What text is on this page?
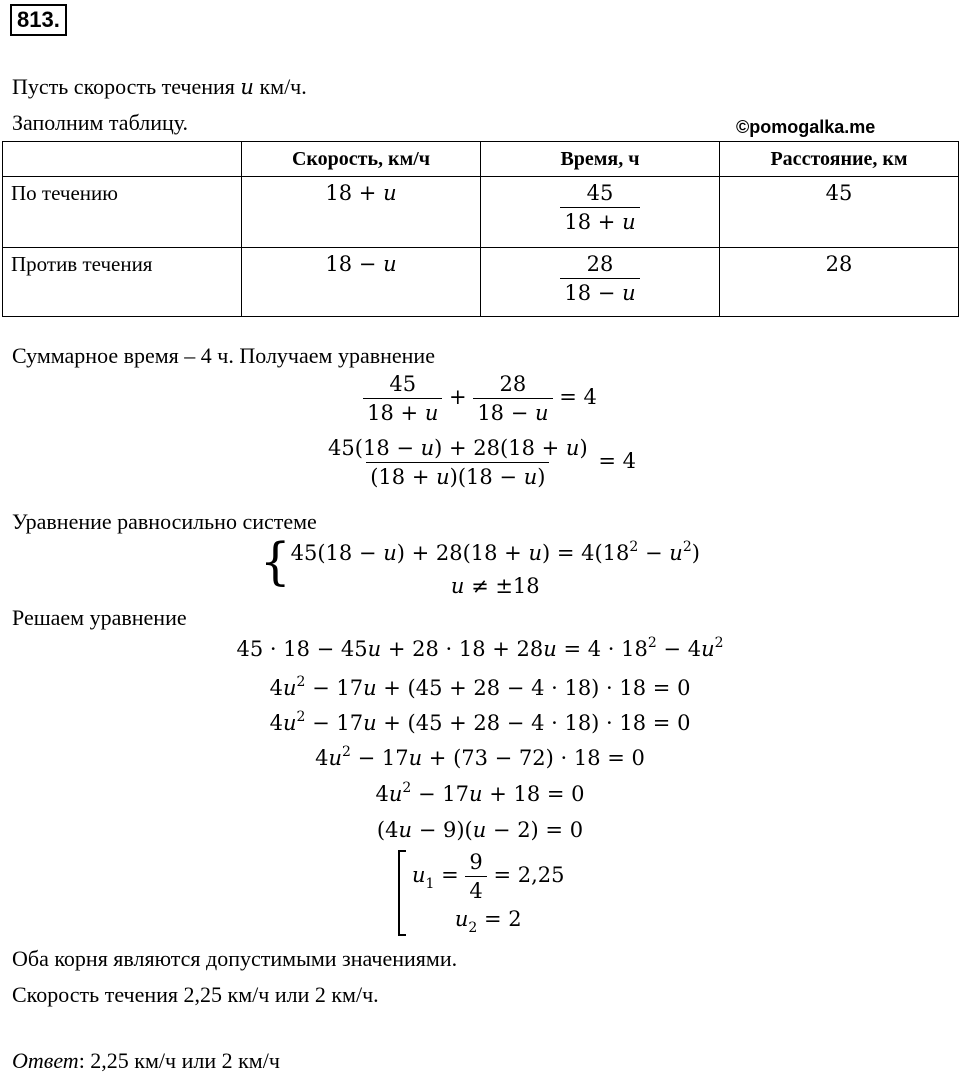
813.
Пусть скорость течения u км/ч.
Заполним таблицу.	©pomogalka.me
	Скорость, км/ч	Время, ч	Расстояние, км
По течению	18 + u	$\frac{45}{18 + u}$	45
Против течения	18 − u	$\frac{28}{18 - u}$	28
Суммарное время – 4 ч. Получаем уравнение
$\frac{45}{18 + u} + \frac{28}{18 - u} = 4$
$\frac{45(18 - u) + 28(18 + u)}{(18 + u)(18 - u)} = 4$
Уравнение равносильно системе
{ $45(18 - u) + 28(18 + u) = 4(18^2 - u^2)$
u ≠ ±18
Решаем уравнение
$45 \cdot 18 - 45u + 28 \cdot 18 + 28u = 4 \cdot 18^2 - 4u^2$
$4u^2 - 17u + (45 + 28 - 4 \cdot 18) \cdot 18 = 0$
$4u^2 - 17u + (45 + 28 - 4 \cdot 18) \cdot 18 = 0$
$4u^2 - 17u + (73 - 72) \cdot 18 = 0$
$4u^2 - 17u + 18 = 0$
(4u − 9)(u − 2) = 0
$u_1 = \frac{9}{4} = 2,25$
$u_2 = 2$
Оба корня являются допустимыми значениями.
Скорость течения 2,25 км/ч или 2 км/ч.
Ответ: 2,25 км/ч или 2 км/ч
